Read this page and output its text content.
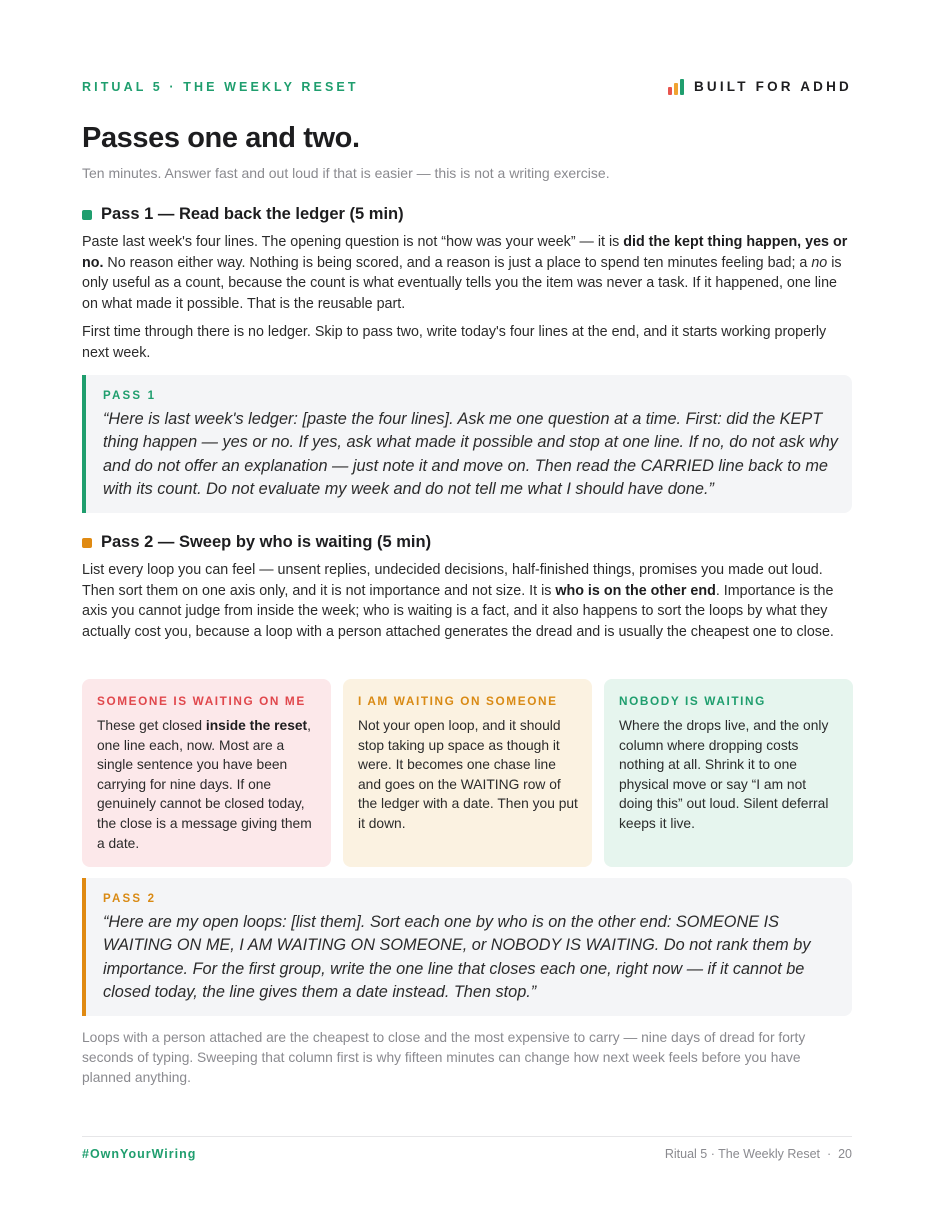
RITUAL 5 · THE WEEKLY RESET	BUILT FOR ADHD
Passes one and two.
Ten minutes. Answer fast and out loud if that is easier — this is not a writing exercise.
Pass 1 — Read back the ledger (5 min)

Paste last week's four lines. The opening question is not “how was your week” — it is did the kept thing happen, yes or no. No reason either way. Nothing is being scored, and a reason is just a place to spend ten minutes feeling bad; a no is only useful as a count, because the count is what eventually tells you the item was never a task. If it happened, one line on what made it possible. That is the reusable part.

First time through there is no ledger. Skip to pass two, write today's four lines at the end, and it starts working properly next week.

PASS 1

“Here is last week's ledger: [paste the four lines]. Ask me one question at a time. First: did the KEPT thing happen — yes or no. If yes, ask what made it possible and stop at one line. If no, do not ask why and do not offer an explanation — just note it and move on. Then read the CARRIED line back to me with its count. Do not evaluate my week and do not tell me what I should have done.”

Pass 2 — Sweep by who is waiting (5 min)

List every loop you can feel — unsent replies, undecided decisions, half-finished things, promises you made out loud. Then sort them on one axis only, and it is not importance and not size. It is who is on the other end. Importance is the axis you cannot judge from inside the week; who is waiting is a fact, and it also happens to sort the loops by what they actually cost you, because a loop with a person attached generates the dread and is usually the cheapest one to close.

SOMEONE IS WAITING ON ME

These get closed inside the reset, one line each, now. Most are a single sentence you have been carrying for nine days. If one genuinely cannot be closed today, the close is a message giving them a date.

I AM WAITING ON SOMEONE

Not your open loop, and it should stop taking up space as though it were. It becomes one chase line and goes on the WAITING row of the ledger with a date. Then you put it down.

NOBODY IS WAITING

Where the drops live, and the only column where dropping costs nothing at all. Shrink it to one physical move or say “I am not doing this” out loud. Silent deferral keeps it live.

PASS 2

“Here are my open loops: [list them]. Sort each one by who is on the other end: SOMEONE IS WAITING ON ME, I AM WAITING ON SOMEONE, or NOBODY IS WAITING. Do not rank them by importance. For the first group, write the one line that closes each one, right now — if it cannot be closed today, the line gives them a date instead. Then stop.”

Loops with a person attached are the cheapest to close and the most expensive to carry — nine days of dread for forty seconds of typing. Sweeping that column first is why fifteen minutes can change how next week feels before you have planned anything.

#OwnYourWiring	Ritual 5 · The Weekly Reset · 20
